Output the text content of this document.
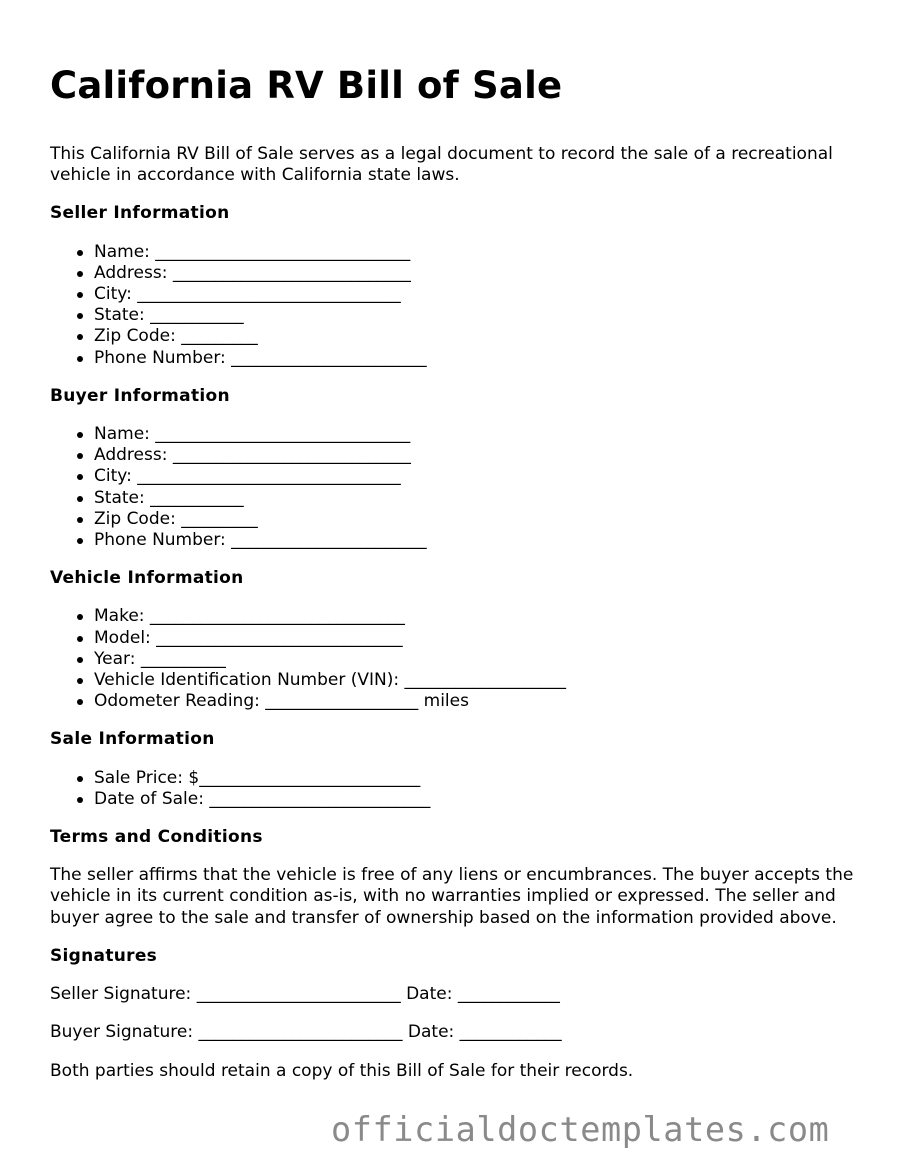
California RV Bill of Sale

This California RV Bill of Sale serves as a legal document to record the sale of a recreational vehicle in accordance with California state laws.

Seller Information
Name: ______________________________
Address: ____________________________
City: _______________________________
State: ___________
Zip Code: _________
Phone Number: _______________________
Buyer Information
Name: ______________________________
Address: ____________________________
City: _______________________________
State: ___________
Zip Code: _________
Phone Number: _______________________
Vehicle Information
Make: ______________________________
Model: _____________________________
Year: __________
Vehicle Identification Number (VIN): ___________________
Odometer Reading: __________________ miles
Sale Information
Sale Price: $__________________________
Date of Sale: __________________________
Terms and Conditions

The seller affirms that the vehicle is free of any liens or encumbrances. The buyer accepts the vehicle in its current condition as-is, with no warranties implied or expressed. The seller and buyer agree to the sale and transfer of ownership based on the information provided above.

Signatures

Seller Signature: ________________________ Date: ____________

Buyer Signature: ________________________ Date: ____________

Both parties should retain a copy of this Bill of Sale for their records.

officialdoctemplates.com
